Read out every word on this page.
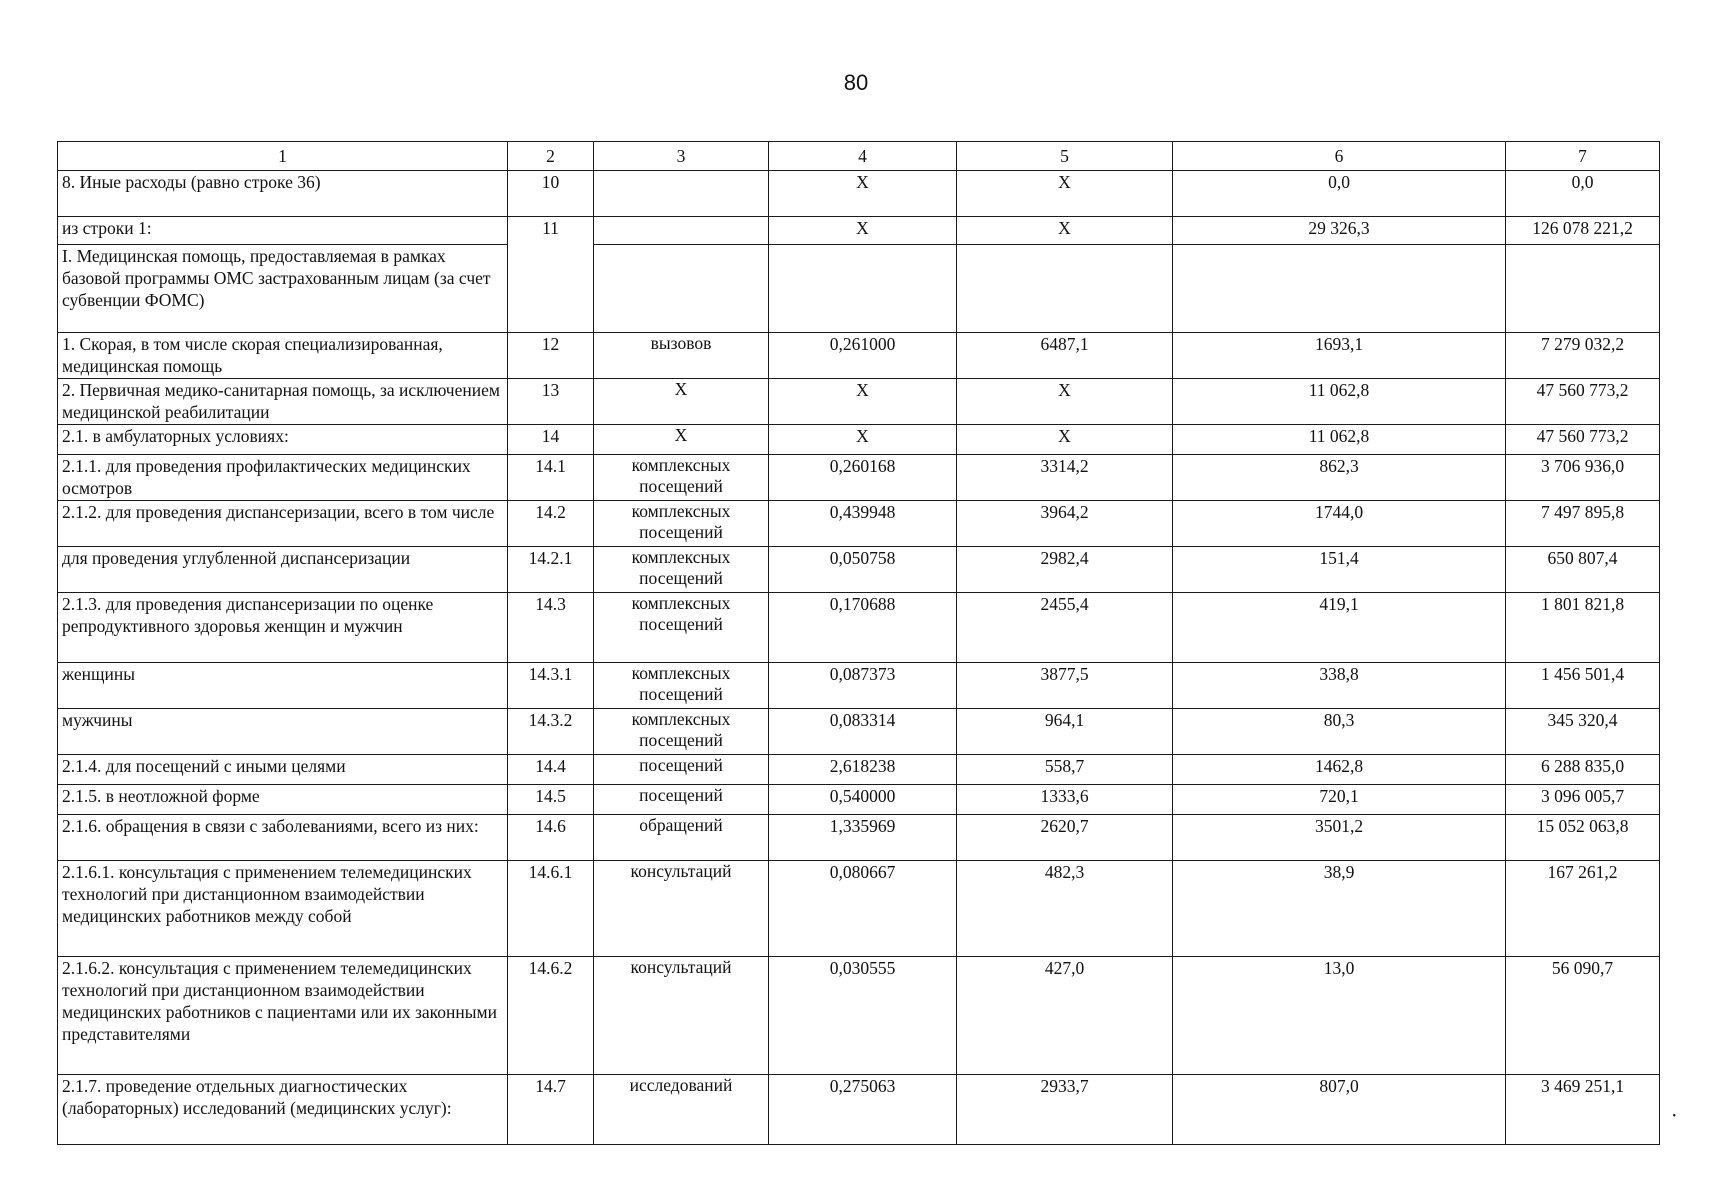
80
1	2	3	4	5	6	7
8. Иные расходы (равно строке 36)	10		Х	Х	0,0	0,0
из строки 1:	11		Х	Х	29 326,3	126 078 221,2
I. Медицинская помощь, предоставляемая в рамках базовой программы ОМС застрахованным лицам (за счет субвенции ФОМС)						
1. Скорая, в том числе скорая специализированная, медицинская помощь	12	вызовов	0,261000	6487,1	1693,1	7 279 032,2
2. Первичная медико-санитарная помощь, за исключением медицинской реабилитации	13	Х	Х	Х	11 062,8	47 560 773,2
2.1. в амбулаторных условиях:	14	Х	Х	Х	11 062,8	47 560 773,2
2.1.1. для проведения профилактических медицинских осмотров	14.1	комплексных посещений	0,260168	3314,2	862,3	3 706 936,0
2.1.2. для проведения диспансеризации, всего в том числе	14.2	комплексных посещений	0,439948	3964,2	1744,0	7 497 895,8
для проведения углубленной диспансеризации	14.2.1	комплексных посещений	0,050758	2982,4	151,4	650 807,4
2.1.3. для проведения диспансеризации по оценке репродуктивного здоровья женщин и мужчин	14.3	комплексных посещений	0,170688	2455,4	419,1	1 801 821,8
женщины	14.3.1	комплексных посещений	0,087373	3877,5	338,8	1 456 501,4
мужчины	14.3.2	комплексных посещений	0,083314	964,1	80,3	345 320,4
2.1.4. для посещений с иными целями	14.4	посещений	2,618238	558,7	1462,8	6 288 835,0
2.1.5. в неотложной форме	14.5	посещений	0,540000	1333,6	720,1	3 096 005,7
2.1.6. обращения в связи с заболеваниями, всего из них:	14.6	обращений	1,335969	2620,7	3501,2	15 052 063,8
2.1.6.1. консультация с применением телемедицинских технологий при дистанционном взаимодействии медицинских работников между собой	14.6.1	консультаций	0,080667	482,3	38,9	167 261,2
2.1.6.2. консультация с применением телемедицинских технологий при дистанционном взаимодействии медицинских работников с пациентами или их законными представителями	14.6.2	консультаций	0,030555	427,0	13,0	56 090,7
2.1.7. проведение отдельных диагностических (лабораторных) исследований (медицинских услуг):	14.7	исследований	0,275063	2933,7	807,0	3 469 251,1
•
